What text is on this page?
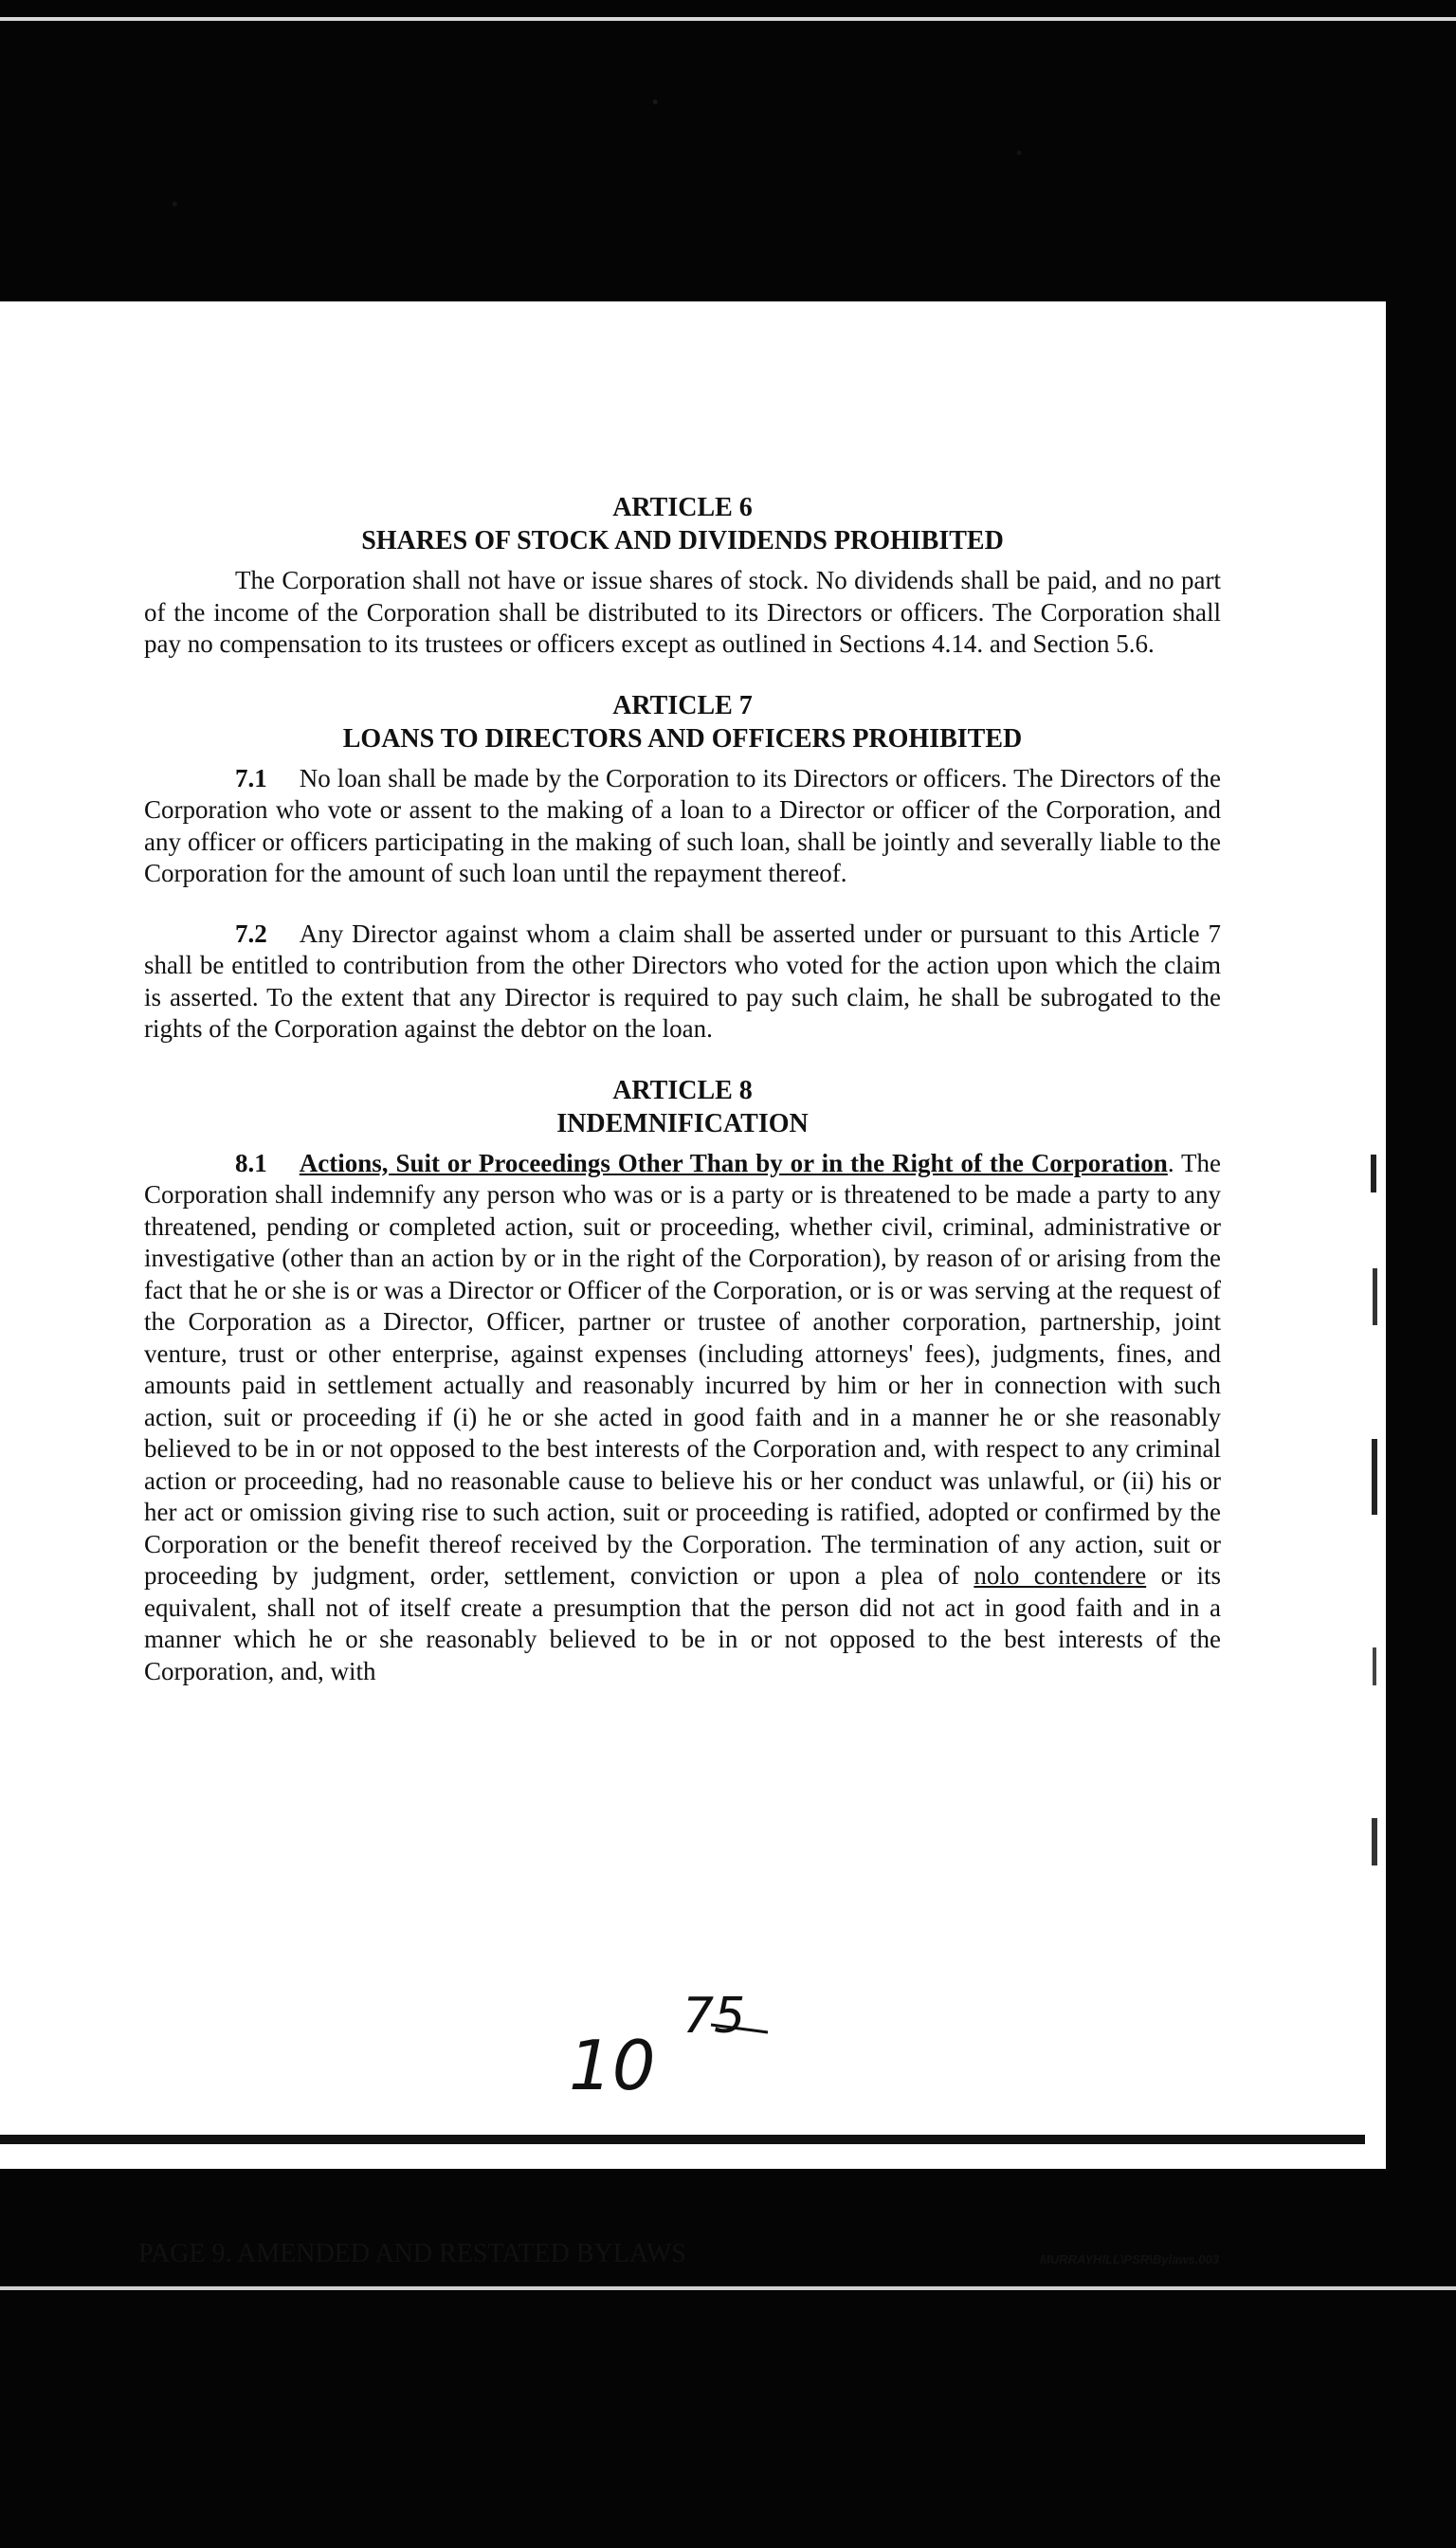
ARTICLE 6
SHARES OF STOCK AND DIVIDENDS PROHIBITED

The Corporation shall not have or issue shares of stock. No dividends shall be paid, and no part of the income of the Corporation shall be distributed to its Directors or officers. The Corporation shall pay no compensation to its trustees or officers except as outlined in Sections 4.14. and Section 5.6.

ARTICLE 7
LOANS TO DIRECTORS AND OFFICERS PROHIBITED

7.1 No loan shall be made by the Corporation to its Directors or officers. The Directors of the Corporation who vote or assent to the making of a loan to a Director or officer of the Corporation, and any officer or officers participating in the making of such loan, shall be jointly and severally liable to the Corporation for the amount of such loan until the repayment thereof.

7.2 Any Director against whom a claim shall be asserted under or pursuant to this Article 7 shall be entitled to contribution from the other Directors who voted for the action upon which the claim is asserted. To the extent that any Director is required to pay such claim, he shall be subrogated to the rights of the Corporation against the debtor on the loan.

ARTICLE 8
INDEMNIFICATION

8.1 Actions, Suit or Proceedings Other Than by or in the Right of the Corporation. The Corporation shall indemnify any person who was or is a party or is threatened to be made a party to any threatened, pending or completed action, suit or proceeding, whether civil, criminal, administrative or investigative (other than an action by or in the right of the Corporation), by reason of or arising from the fact that he or she is or was a Director or Officer of the Corporation, or is or was serving at the request of the Corporation as a Director, Officer, partner or trustee of another corporation, partnership, joint venture, trust or other enterprise, against expenses (including attorneys' fees), judgments, fines, and amounts paid in settlement actually and reasonably incurred by him or her in connection with such action, suit or proceeding if (i) he or she acted in good faith and in a manner he or she reasonably believed to be in or not opposed to the best interests of the Corporation and, with respect to any criminal action or proceeding, had no reasonable cause to believe his or her conduct was unlawful, or (ii) his or her act or omission giving rise to such action, suit or proceeding is ratified, adopted or confirmed by the Corporation or the benefit thereof received by the Corporation. The termination of any action, suit or proceeding by judgment, order, settlement, conviction or upon a plea of nolo contendere or its equivalent, shall not of itself create a presumption that the person did not act in good faith and in a manner which he or she reasonably believed to be in or not opposed to the best interests of the Corporation, and, with

PAGE 9. AMENDED AND RESTATED BYLAWS	MURRAYHILL\PSR\Bylaws.003
10
75
